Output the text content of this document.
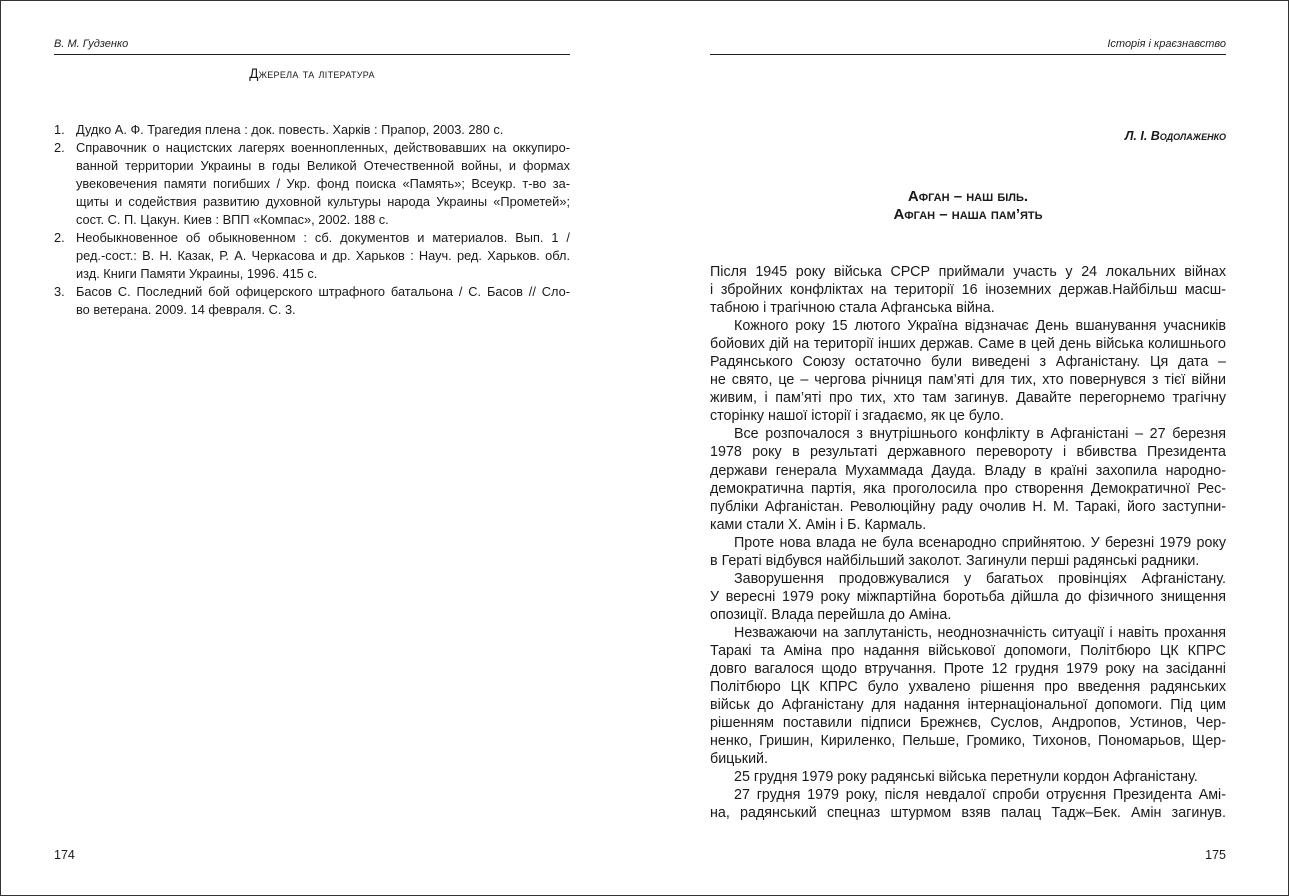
В. М. Гудзенко
Джерела та література
1. Дудко А. Ф. Трагедия плена : док. повесть. Харків : Прапор, 2003. 280 с.
2. Справочник о нацистских лагерях военнопленных, действовавших на оккупиро-
ванной территории Украины в годы Великой Отечественной войны, и формах
увековечения памяти погибших / Укр. фонд поиска «Память»; Всеукр. т-во за-
щиты и содействия развитию духовной культуры народа Украины «Прометей»;
сост. С. П. Цакун. Киев : ВПП «Компас», 2002. 188 с.
2. Необыкновенное об обыкновенном : сб. документов и материалов. Вып. 1 /
ред.-сост.: В. Н. Казак, Р. А. Черкасова и др. Харьков : Науч. ред. Харьков. обл.
изд. Книги Памяти Украины, 1996. 415 с.
3. Басов С. Последний бой офицерского штрафного батальона / С. Басов // Сло-
во ветерана. 2009. 14 февраля. С. 3.
174
Історія і краєзнавство
Л. І. Водолаженко
Афган – наш біль.
Афган – наша пам’ять
Після 1945 року війська СРСР приймали участь у 24 локальних війнах
і збройних конфліктах на території 16 іноземних держав.Найбільш масш-
табною і трагічною стала Афганська війна.
Кожного року 15 лютого Україна відзначає День вшанування учасників
бойових дій на території інших держав. Саме в цей день війська колишнього
Радянського Союзу остаточно були виведені з Афганістану. Ця дата –
не свято, це – чергова річниця пам’яті для тих, хто повернувся з тієї війни
живим, і пам’яті про тих, хто там загинув. Давайте перегорнемо трагічну
сторінку нашої історії і згадаємо, як це було.
Все розпочалося з внутрішнього конфлікту в Афганістані – 27 березня
1978 року в результаті державного перевороту і вбивства Президента
держави генерала Мухаммада Дауда. Владу в країні захопила народно-
демократична партія, яка проголосила про створення Демократичної Рес-
публіки Афганістан. Революційну раду очолив Н. М. Таракі, його заступни-
ками стали Х. Амін і Б. Кармаль.
Проте нова влада не була всенародно сприйнятою. У березні 1979 року
в Гераті відбувся найбільший заколот. Загинули перші радянські радники.
Заворушення продовжувалися у багатьох провінціях Афганістану.
У вересні 1979 року міжпартійна боротьба дійшла до фізичного знищення
опозиції. Влада перейшла до Аміна.
Незважаючи на заплутаність, неоднозначність ситуації і навіть прохання
Таракі та Аміна про надання військової допомоги, Політбюро ЦК КПРС
довго вагалося щодо втручання. Проте 12 грудня 1979 року на засіданні
Політбюро ЦК КПРС було ухвалено рішення про введення радянських
військ до Афганістану для надання інтернаціональної допомоги. Під цим
рішенням поставили підписи Брежнєв, Суслов, Андропов, Устинов, Чер-
ненко, Гришин, Кириленко, Пельше, Громико, Тихонов, Пономарьов, Щер-
бицький.
25 грудня 1979 року радянські війська перетнули кордон Афганістану.
27 грудня 1979 року, після невдалої спроби отруєння Президента Амі-
на, радянський спецназ штурмом взяв палац Тадж–Бек. Амін загинув.
175
